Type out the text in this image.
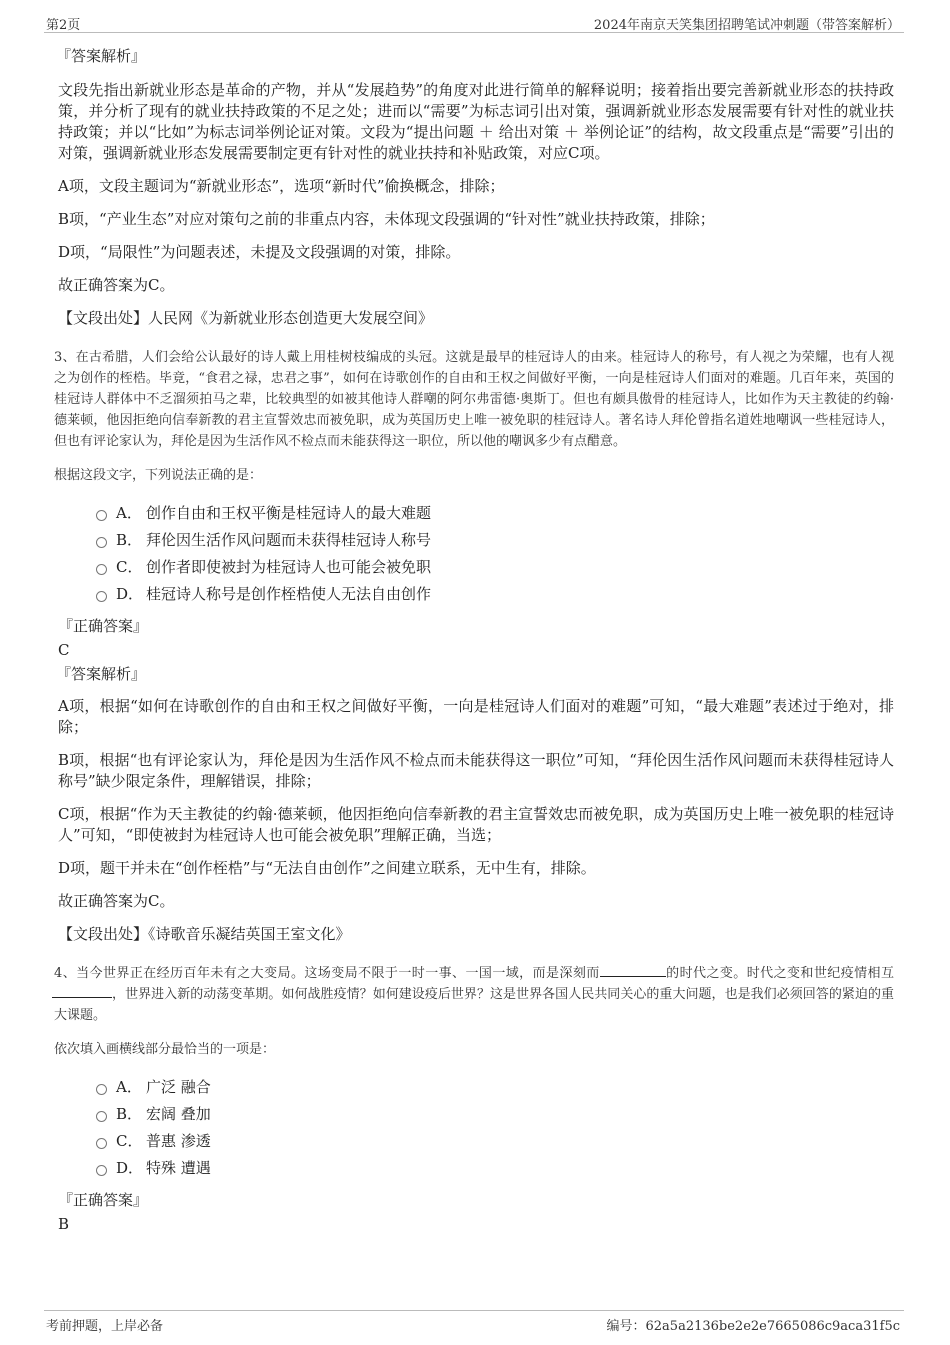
第2页	2024年南京天笑集团招聘笔试冲刺题（带答案解析）
『答案解析』
文段先指出新就业形态是革命的产物，并从“发展趋势”的角度对此进行简单的解释说明；接着指出要完善新就业形态的扶持政策，并分析了现有的就业扶持政策的不足之处；进而以“需要”为标志词引出对策，强调新就业形态发展需要有针对性的就业扶持政策；并以“比如”为标志词举例论证对策。文段为“提出问题 ＋ 给出对策 ＋ 举例论证”的结构，故文段重点是“需要”引出的对策，强调新就业形态发展需要制定更有针对性的就业扶持和补贴政策，对应C项。
A项，文段主题词为“新就业形态”，选项“新时代”偷换概念，排除；
B项，“产业生态”对应对策句之前的非重点内容，未体现文段强调的“针对性”就业扶持政策，排除；
D项，“局限性”为问题表述，未提及文段强调的对策，排除。
故正确答案为C。
【文段出处】人民网《为新就业形态创造更大发展空间》
3、在古希腊，人们会给公认最好的诗人戴上用桂树枝编成的头冠。这就是最早的桂冠诗人的由来。桂冠诗人的称号，有人视之为荣耀，也有人视之为创作的桎梏。毕竟，“食君之禄，忠君之事”，如何在诗歌创作的自由和王权之间做好平衡，一向是桂冠诗人们面对的难题。几百年来，英国的桂冠诗人群体中不乏溜须拍马之辈，比较典型的如被其他诗人群嘲的阿尔弗雷德·奥斯丁。但也有颇具傲骨的桂冠诗人，比如作为天主教徒的约翰·德莱顿，他因拒绝向信奉新教的君主宣誓效忠而被免职，成为英国历史上唯一被免职的桂冠诗人。著名诗人拜伦曾指名道姓地嘲讽一些桂冠诗人，但也有评论家认为，拜伦是因为生活作风不检点而未能获得这一职位，所以他的嘲讽多少有点醋意。
根据这段文字，下列说法正确的是：
A． 创作自由和王权平衡是桂冠诗人的最大难题
B． 拜伦因生活作风问题而未获得桂冠诗人称号
C． 创作者即使被封为桂冠诗人也可能会被免职
D． 桂冠诗人称号是创作桎梏使人无法自由创作
『正确答案』
C
『答案解析』
A项，根据“如何在诗歌创作的自由和王权之间做好平衡，一向是桂冠诗人们面对的难题”可知，“最大难题”表述过于绝对，排除；
B项，根据“也有评论家认为，拜伦是因为生活作风不检点而未能获得这一职位”可知，“拜伦因生活作风问题而未获得桂冠诗人称号”缺少限定条件，理解错误，排除；
C项，根据“作为天主教徒的约翰·德莱顿，他因拒绝向信奉新教的君主宣誓效忠而被免职，成为英国历史上唯一被免职的桂冠诗人”可知，“即使被封为桂冠诗人也可能会被免职”理解正确，当选；
D项，题干并未在“创作桎梏”与“无法自由创作”之间建立联系，无中生有，排除。
故正确答案为C。
【文段出处】《诗歌音乐凝结英国王室文化》
4、当今世界正在经历百年未有之大变局。这场变局不限于一时一事、一国一域，而是深刻而	的时代之变。时代之变和世纪疫情相互，世界进入新的动荡变革期。如何战胜疫情？如何建设疫后世界？这是世界各国人民共同关心的重大问题，也是我们必须回答的紧迫的重大课题。
依次填入画横线部分最恰当的一项是：
A． 广泛 融合
B． 宏阔 叠加
C． 普惠 渗透
D． 特殊 遭遇
『正确答案』
B
考前押题，上岸必备	编号：62a5a2136be2e2e7665086c9aca31f5c
